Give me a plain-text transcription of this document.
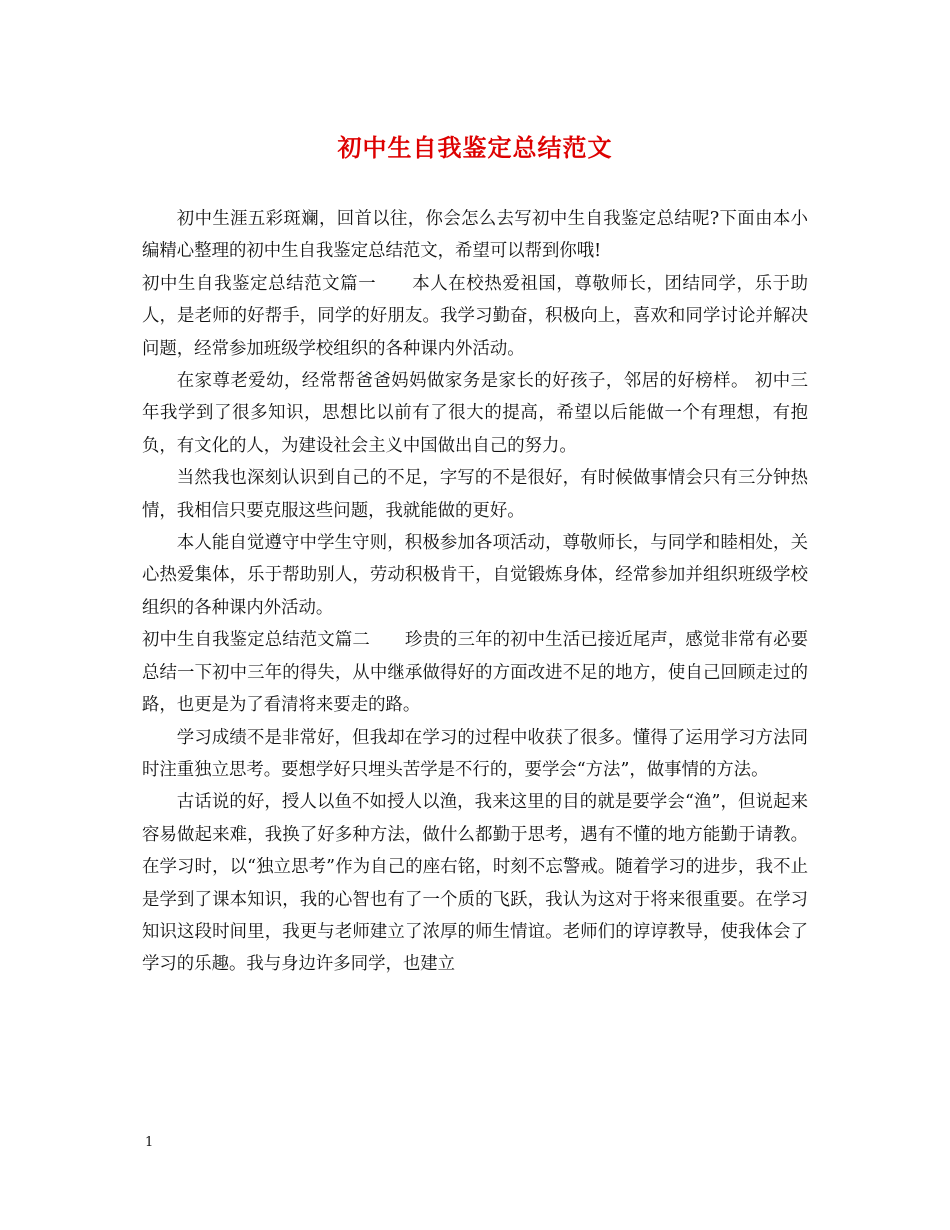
初中生自我鉴定总结范文

初中生涯五彩斑斓，回首以往，你会怎么去写初中生自我鉴定总结呢?下面由本小编精心整理的初中生自我鉴定总结范文，希望可以帮到你哦!

初中生自我鉴定总结范文篇一　　本人在校热爱祖国，尊敬师长，团结同学，乐于助人，是老师的好帮手，同学的好朋友。我学习勤奋，积极向上，喜欢和同学讨论并解决问题，经常参加班级学校组织的各种课内外活动。

在家尊老爱幼，经常帮爸爸妈妈做家务是家长的好孩子，邻居的好榜样。 初中三年我学到了很多知识，思想比以前有了很大的提高，希望以后能做一个有理想，有抱负，有文化的人，为建设社会主义中国做出自己的努力。

当然我也深刻认识到自己的不足，字写的不是很好，有时候做事情会只有三分钟热情，我相信只要克服这些问题，我就能做的更好。

本人能自觉遵守中学生守则，积极参加各项活动，尊敬师长，与同学和睦相处，关心热爱集体，乐于帮助别人，劳动积极肯干，自觉锻炼身体，经常参加并组织班级学校组织的各种课内外活动。

初中生自我鉴定总结范文篇二　　珍贵的三年的初中生活已接近尾声，感觉非常有必要总结一下初中三年的得失，从中继承做得好的方面改进不足的地方，使自己回顾走过的路，也更是为了看清将来要走的路。

学习成绩不是非常好，但我却在学习的过程中收获了很多。懂得了运用学习方法同时注重独立思考。要想学好只埋头苦学是不行的，要学会“方法”，做事情的方法。

古话说的好，授人以鱼不如授人以渔，我来这里的目的就是要学会“渔”，但说起来容易做起来难，我换了好多种方法，做什么都勤于思考，遇有不懂的地方能勤于请教。在学习时，以“独立思考”作为自己的座右铭，时刻不忘警戒。随着学习的进步，我不止是学到了课本知识，我的心智也有了一个质的飞跃，我认为这对于将来很重要。在学习知识这段时间里，我更与老师建立了浓厚的师生情谊。老师们的谆谆教导，使我体会了学习的乐趣。我与身边许多同学，也建立

1
